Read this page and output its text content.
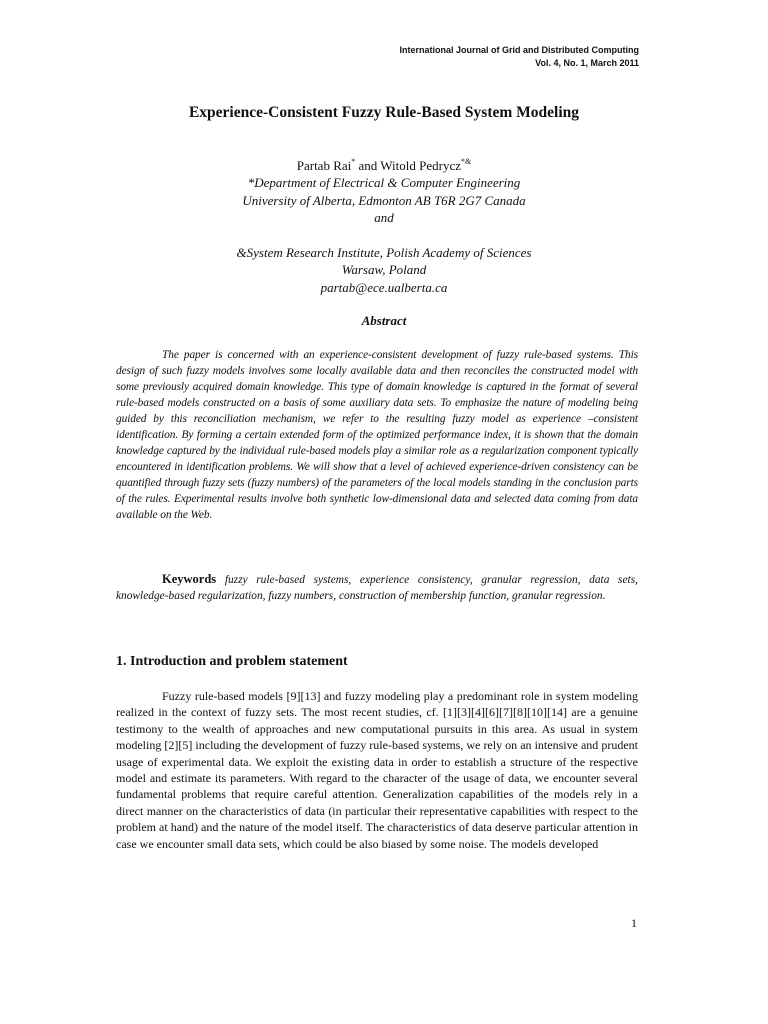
International Journal of Grid and Distributed Computing
Vol. 4, No. 1, March 2011
Experience-Consistent Fuzzy Rule-Based System Modeling
Partab Rai* and Witold Pedrycz*&
*Department of Electrical & Computer Engineering
University of Alberta, Edmonton AB T6R 2G7 Canada
and
&System Research Institute, Polish Academy of Sciences
Warsaw, Poland
partab@ece.ualberta.ca
Abstract
The paper is concerned with an experience-consistent development of fuzzy rule-based systems. This design of such fuzzy models involves some locally available data and then reconciles the constructed model with some previously acquired domain knowledge. This type of domain knowledge is captured in the format of several rule-based models constructed on a basis of some auxiliary data sets. To emphasize the nature of modeling being guided by this reconciliation mechanism, we refer to the resulting fuzzy model as experience –consistent identification. By forming a certain extended form of the optimized performance index, it is shown that the domain knowledge captured by the individual rule-based models play a similar role as a regularization component typically encountered in identification problems. We will show that a level of achieved experience-driven consistency can be quantified through fuzzy sets (fuzzy numbers) of the parameters of the local models standing in the conclusion parts of the rules. Experimental results involve both synthetic low-dimensional data and selected data coming from data available on the Web.
Keywords fuzzy rule-based systems, experience consistency, granular regression, data sets, knowledge-based regularization, fuzzy numbers, construction of membership function, granular regression.
1. Introduction and problem statement
Fuzzy rule-based models [9][13] and fuzzy modeling play a predominant role in system modeling realized in the context of fuzzy sets. The most recent studies, cf. [1][3][4][6][7][8][10][14] are a genuine testimony to the wealth of approaches and new computational pursuits in this area. As usual in system modeling [2][5] including the development of fuzzy rule-based systems, we rely on an intensive and prudent usage of experimental data. We exploit the existing data in order to establish a structure of the respective model and estimate its parameters. With regard to the character of the usage of data, we encounter several fundamental problems that require careful attention. Generalization capabilities of the models rely in a direct manner on the characteristics of data (in particular their representative capabilities with respect to the problem at hand) and the nature of the model itself. The characteristics of data deserve particular attention in case we encounter small data sets, which could be also biased by some noise. The models developed
1
